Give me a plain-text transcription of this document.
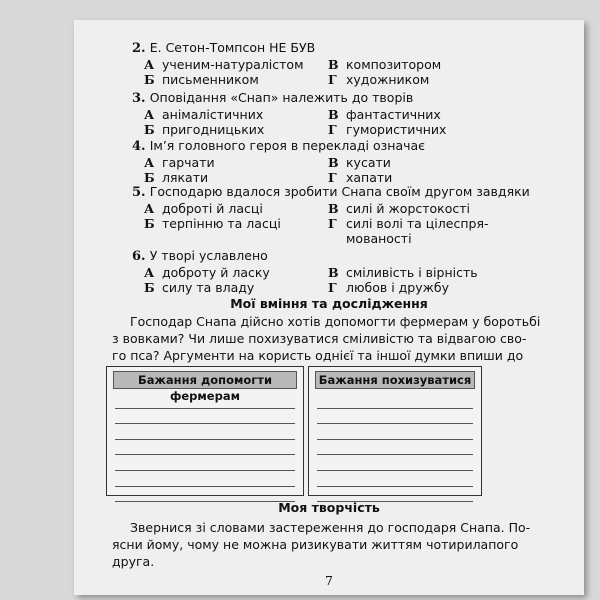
2. Е. Сетон-Томпсон НЕ БУВ
А ученим-натуралістом
Б письменником
В композитором
Г художником
3. Оповідання «Снап» належить до творів
А анімалістичних
Б пригодницьких
В фантастичних
Г гумористичних
4. Ім’я головного героя в перекладі означає
А гарчати
Б лякати
В кусати
Г хапати
5. Господарю вдалося зробити Снапа своїм другом завдяки
А доброті й ласці
Б терпінню та ласці
В силі й жорстокості
Г силі волі та цілеспря-
мованості
6. У творі уславлено
А доброту й ласку
Б силу та владу
В сміливість і вірність
Г любов і дружбу
Мої вміння та дослідження
Господар Снапа дійсно хотів допомогти фермерам у боротьбі
з вовками? Чи лише похизуватися сміливістю та відвагою сво-
го пса? Аргументи на користь однієї та іншої думки впиши до
Бажання допомогти фермерам
Бажання похизуватися
Моя творчість
Звернися зі словами застереження до господаря Снапа. По-
ясни йому, чому не можна ризикувати життям чотирилапого
друга.
7
